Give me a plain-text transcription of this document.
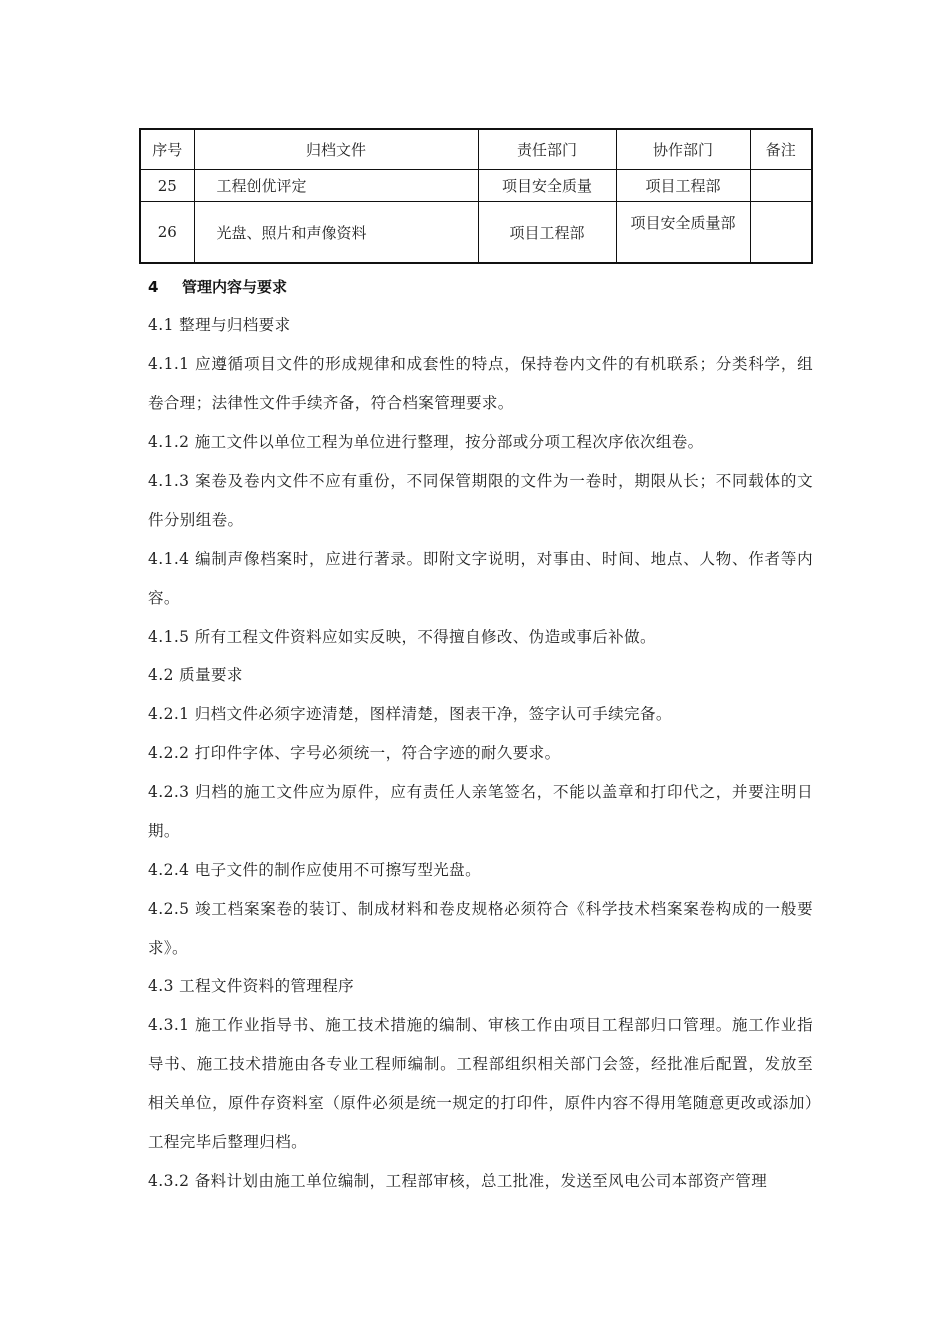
序号	归档文件	责任部门	协作部门	备注
25	工程创优评定	项目安全质量	项目工程部	
26	光盘、照片和声像资料	项目工程部	项目安全质量部	

4 管理内容与要求
4.1 整理与归档要求
4.1.1 应遵循项目文件的形成规律和成套性的特点，保持卷内文件的有机联系；分类科学，组卷合理；法律性文件手续齐备，符合档案管理要求。
4.1.2 施工文件以单位工程为单位进行整理，按分部或分项工程次序依次组卷。
4.1.3 案卷及卷内文件不应有重份，不同保管期限的文件为一卷时，期限从长；不同载体的文件分别组卷。
4.1.4 编制声像档案时，应进行著录。即附文字说明，对事由、时间、地点、人物、作者等内容。
4.1.5 所有工程文件资料应如实反映，不得擅自修改、伪造或事后补做。
4.2 质量要求
4.2.1 归档文件必须字迹清楚，图样清楚，图表干净，签字认可手续完备。
4.2.2 打印件字体、字号必须统一，符合字迹的耐久要求。
4.2.3 归档的施工文件应为原件，应有责任人亲笔签名，不能以盖章和打印代之，并要注明日期。
4.2.4 电子文件的制作应使用不可擦写型光盘。
4.2.5 竣工档案案卷的装订、制成材料和卷皮规格必须符合《科学技术档案案卷构成的一般要求》。
4.3 工程文件资料的管理程序
4.3.1 施工作业指导书、施工技术措施的编制、审核工作由项目工程部归口管理。施工作业指导书、施工技术措施由各专业工程师编制。工程部组织相关部门会签，经批准后配置，发放至相关单位，原件存资料室（原件必须是统一规定的打印件，原件内容不得用笔随意更改或添加）工程完毕后整理归档。
4.3.2 备料计划由施工单位编制，工程部审核，总工批准，发送至风电公司本部资产管理
